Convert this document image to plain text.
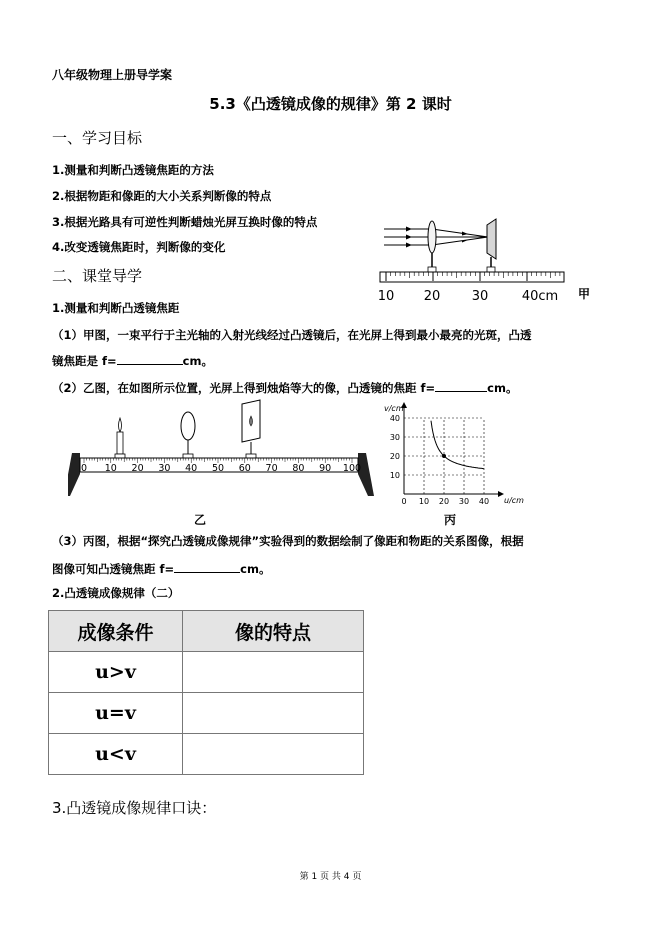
八年级物理上册导学案
5.3《凸透镜成像的规律》第 2 课时
一、学习目标
1.测量和判断凸透镜焦距的方法
2.根据物距和像距的大小关系判断像的特点
3.根据光路具有可逆性判断蜡烛光屏互换时像的特点
4.改变透镜焦距时，判断像的变化
二、课堂导学
1.测量和判断凸透镜焦距
（1）甲图，一束平行于主光轴的入射光线经过凸透镜后，在光屏上得到最小最亮的光斑，凸透
镜焦距是 f=	cm。
（2）乙图，在如图所示位置，光屏上得到烛焰等大的像，凸透镜的焦距 f=	cm。
（3）丙图，根据“探究凸透镜成像规律”实验得到的数据绘制了像距和物距的关系图像，根据
图像可知凸透镜焦距 f=	cm。
2.凸透镜成像规律（二）
10 20 30	40cm 甲
0 10 20 30 40 50 60 70 80 90 100
乙
0 10 20 30 40
10
20
30
40
v/cm
u/cm
丙
成像条件	像的特点
u>v	
u=v	
u<v	
3.凸透镜成像规律口诀：
第 1 页 共 4 页
